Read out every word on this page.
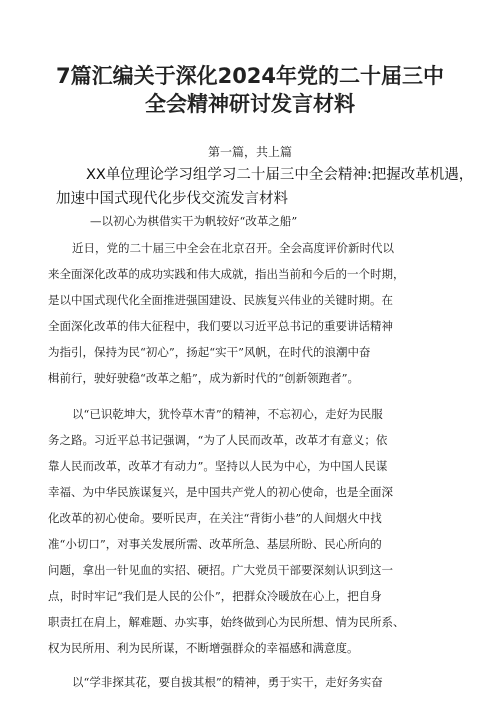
7篇汇编关于深化2024年党的二十届三中
全会精神研讨发言材料
第一篇，共上篇
XX单位理论学习组学习二十届三中全会精神:把握改革机遇，
加速中国式现代化步伐交流发言材料
—以初心为棋借实干为帆较好“改革之船”
近日，党的二十届三中全会在北京召开。全会高度评价新时代以
来全面深化改革的成功实践和伟大成就，指出当前和今后的一个时期，
是以中国式现代化全面推进强国建设、民族复兴伟业的关键时期。在
全面深化改革的伟大征程中，我们要以习近平总书记的重要讲话精神
为指引，保持为民“初心”，扬起“实干”风帆，在时代的浪潮中奋
楫前行，驶好驶稳“改革之船”，成为新时代的“创新领跑者”。
以“已识乾坤大，犹怜草木青”的精神，不忘初心，走好为民服
务之路。习近平总书记强调，“为了人民而改革，改革才有意义；依
靠人民而改革，改革才有动力”。坚持以人民为中心，为中国人民谋
幸福、为中华民族谋复兴，是中国共产党人的初心使命，也是全面深
化改革的初心使命。要听民声，在关注“背街小巷”的人间烟火中找
准“小切口”，对事关发展所需、改革所急、基层所盼、民心所向的
问题，拿出一针见血的实招、硬招。广大党员干部要深刻认识到这一
点，时时牢记“我们是人民的公仆”，把群众冷暖放在心上，把自身
职责扛在肩上，解难题、办实事，始终做到心为民所想、情为民所系、
权为民所用、利为民所谋，不断增强群众的幸福感和满意度。
以“学非探其花，要自拔其根”的精神，勇于实干，走好务实奋
